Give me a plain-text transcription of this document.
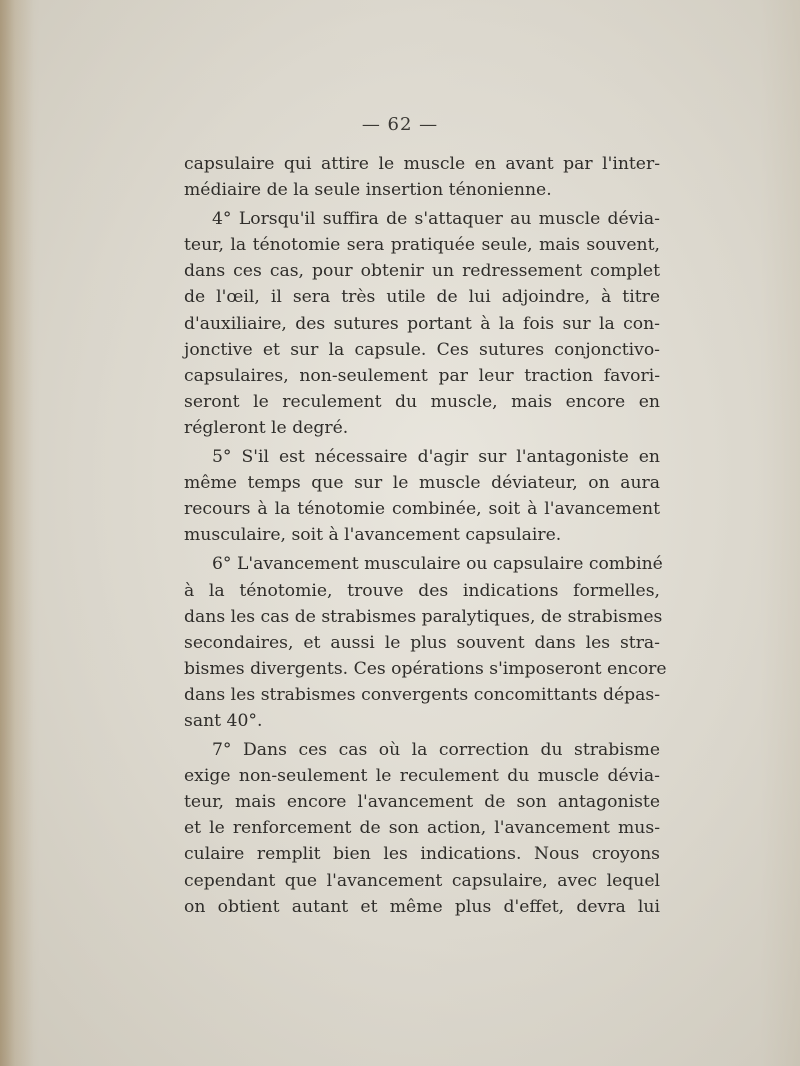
— 62 —
capsulaire qui attire le muscle en avant par l'inter-
médiaire de la seule insertion ténonienne.
4° Lorsqu'il suffira de s'attaquer au muscle dévia-
teur, la ténotomie sera pratiquée seule, mais souvent,
dans ces cas, pour obtenir un redressement complet
de l'œil, il sera très utile de lui adjoindre, à titre
d'auxiliaire, des sutures portant à la fois sur la con-
jonctive et sur la capsule. Ces sutures conjonctivo-
capsulaires, non-seulement par leur traction favori-
seront le reculement du muscle, mais encore en
régleront le degré.
5° S'il est nécessaire d'agir sur l'antagoniste en
même temps que sur le muscle déviateur, on aura
recours à la ténotomie combinée, soit à l'avancement
musculaire, soit à l'avancement capsulaire.
6° L'avancement musculaire ou capsulaire combiné
à la ténotomie, trouve des indications formelles,
dans les cas de strabismes paralytiques, de strabismes
secondaires, et aussi le plus souvent dans les stra-
bismes divergents. Ces opérations s'imposeront encore
dans les strabismes convergents concomittants dépas-
sant 40°.
7° Dans ces cas où la correction du strabisme
exige non-seulement le reculement du muscle dévia-
teur, mais encore l'avancement de son antagoniste
et le renforcement de son action, l'avancement mus-
culaire remplit bien les indications. Nous croyons
cependant que l'avancement capsulaire, avec lequel
on obtient autant et même plus d'effet, devra lui
